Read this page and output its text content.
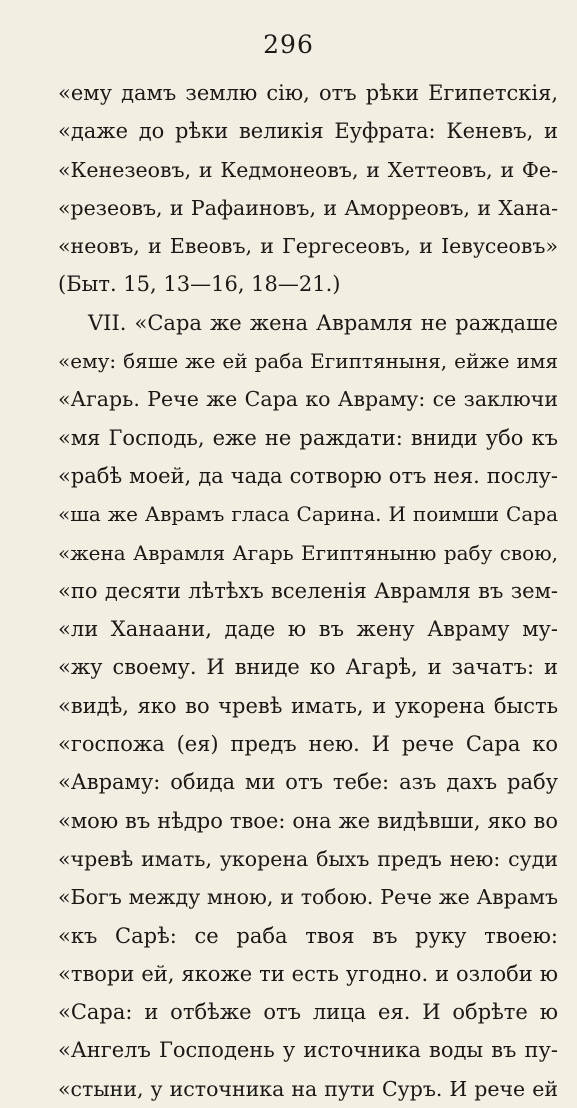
296
«ему дамъ землю сію, отъ рѣки Египетскія,
«даже до рѣки великія Еуфрата: Кеневъ, и
«Кенезеовъ, и Кедмонеовъ, и Хеттеовъ, и Фе-
«резеовъ, и Рафаиновъ, и Аморреовъ, и Хана-
«неовъ, и Евеовъ, и Гергесеовъ, и Іевусеовъ»
(Быт. 15, 13—16, 18—21.)
VII. «Сара же жена Аврамля не раждаше
«ему: бяше же ей раба Египтяныня, ейже имя
«Агарь. Рече же Сара ко Авраму: се заключи
«мя Господь, еже не раждати: вниди убо къ
«рабѣ моей, да чада сотворю отъ нея. послу-
«ша же Аврамъ гласа Сарина. И поимши Сара
«жена Аврамля Агарь Египтяныню рабу свою,
«по десяти лѣтѣхъ вселенія Аврамля въ зем-
«ли Ханаани, даде ю въ жену Авраму му-
«жу своему. И вниде ко Агарѣ, и зачатъ: и
«видѣ, яко во чревѣ имать, и укорена бысть
«госпожа (ея) предъ нею. И рече Сара ко
«Авраму: обида ми отъ тебе: азъ дахъ рабу
«мою въ нѣдро твое: она же видѣвши, яко во
«чревѣ имать, укорена быхъ предъ нею: суди
«Богъ между мною, и тобою. Рече же Аврамъ
«къ Сарѣ: се раба твоя въ руку твоею:
«твори ей, якоже ти есть угодно. и озлоби ю
«Сара: и отбѣже отъ лица ея. И обрѣте ю
«Ангелъ Господень у источника воды въ пу-
«стыни, у источника на пути Суръ. И рече ей
